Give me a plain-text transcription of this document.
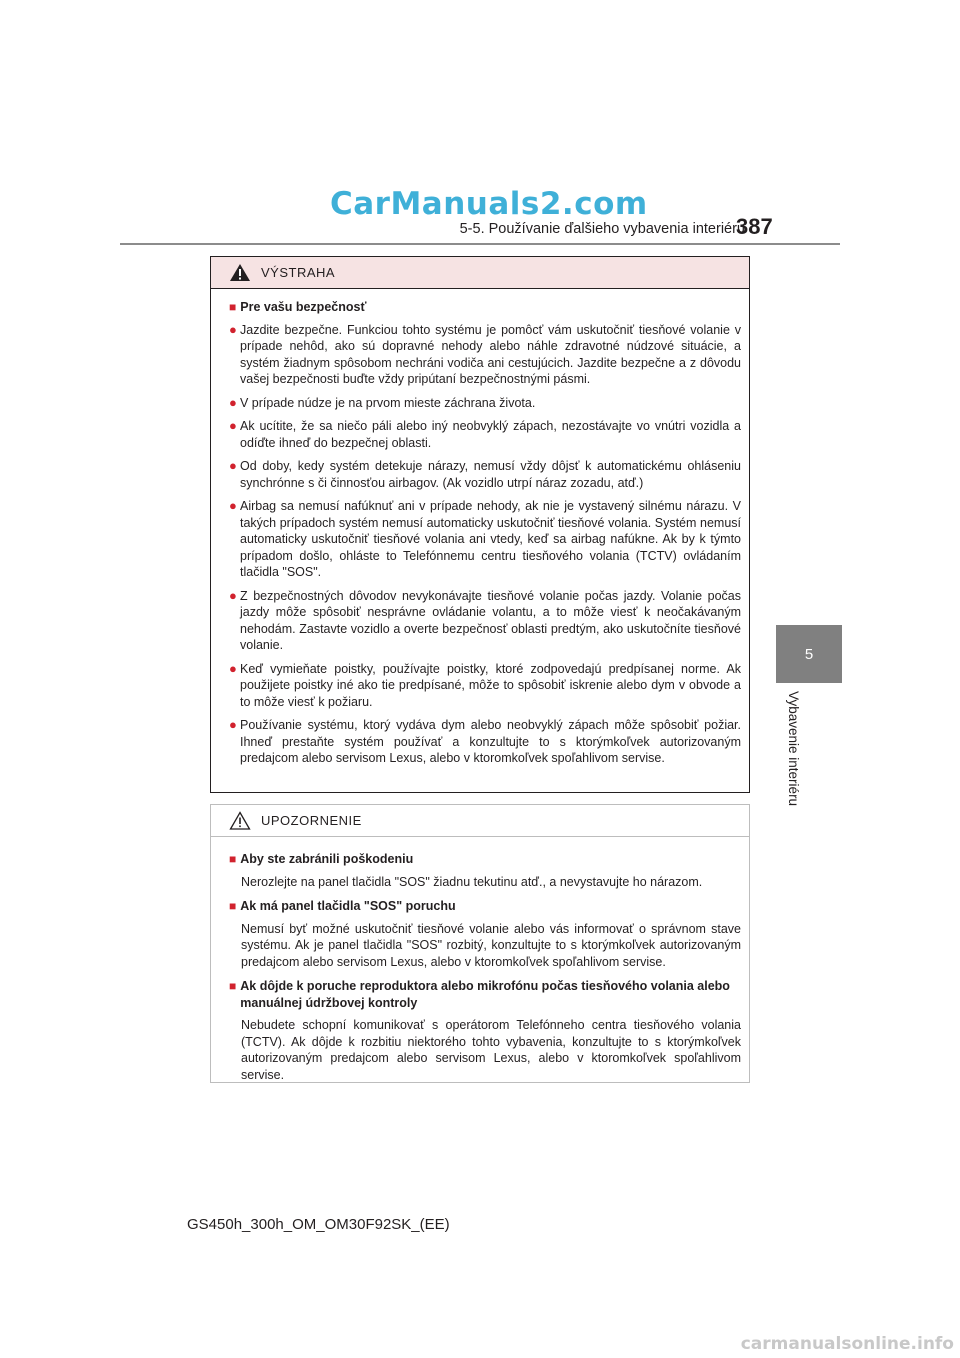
CarManuals2.com
5-5. Používanie ďalšieho vybavenia interiéru
387
5
Vybavenie interiéru
VÝSTRAHA
■ Pre vašu bezpečnosť
● Jazdite bezpečne. Funkciou tohto systému je pomôcť vám uskutočniť tiesňové volanie v prípade nehôd, ako sú dopravné nehody alebo náhle zdravotné núdzové situácie, a systém žiadnym spôsobom nechráni vodiča ani cestujúcich. Jazdite bezpečne a z dôvodu vašej bezpečnosti buďte vždy pripútaní bezpečnostnými pásmi.
● V prípade núdze je na prvom mieste záchrana života.
● Ak ucítite, že sa niečo páli alebo iný neobvyklý zápach, nezostávajte vo vnútri vozidla a odíďte ihneď do bezpečnej oblasti.
● Od doby, kedy systém detekuje nárazy, nemusí vždy dôjsť k automatickému ohláseniu synchrónne s či činnosťou airbagov. (Ak vozidlo utrpí náraz zozadu, atď.)
● Airbag sa nemusí nafúknuť ani v prípade nehody, ak nie je vystavený silnému nárazu. V takých prípadoch systém nemusí automaticky uskutočniť tiesňové volania. Systém nemusí automaticky uskutočniť tiesňové volania ani vtedy, keď sa airbag nafúkne. Ak by k týmto prípadom došlo, ohláste to Telefónnemu centru tiesňového volania (TCTV) ovládaním tlačidla "SOS".
● Z bezpečnostných dôvodov nevykonávajte tiesňové volanie počas jazdy. Volanie počas jazdy môže spôsobiť nesprávne ovládanie volantu, a to môže viesť k neočakávaným nehodám. Zastavte vozidlo a overte bezpečnosť oblasti predtým, ako uskutočníte tiesňové volanie.
● Keď vymieňate poistky, používajte poistky, ktoré zodpovedajú predpísanej norme. Ak použijete poistky iné ako tie predpísané, môže to spôsobiť iskrenie alebo dym v obvode a to môže viesť k požiaru.
● Používanie systému, ktorý vydáva dym alebo neobvyklý zápach môže spôsobiť požiar. Ihneď prestaňte systém používať a konzultujte to s ktorýmkoľvek autorizovaným predajcom alebo servisom Lexus, alebo v ktoromkoľvek spoľahlivom servise.
UPOZORNENIE
■ Aby ste zabránili poškodeniu
Nerozlejte na panel tlačidla "SOS" žiadnu tekutinu atď., a nevystavujte ho nárazom.
■ Ak má panel tlačidla "SOS" poruchu
Nemusí byť možné uskutočniť tiesňové volanie alebo vás informovať o správnom stave systému. Ak je panel tlačidla "SOS" rozbitý, konzultujte to s ktorýmkoľvek autorizovaným predajcom alebo servisom Lexus, alebo v ktoromkoľvek spoľahlivom servise.
■ Ak dôjde k poruche reproduktora alebo mikrofónu počas tiesňového volania alebo manuálnej údržbovej kontroly
Nebudete schopní komunikovať s operátorom Telefónneho centra tiesňového volania (TCTV). Ak dôjde k rozbitiu niektorého tohto vybavenia, konzultujte to s ktorýmkoľvek autorizovaným predajcom alebo servisom Lexus, alebo v ktoromkoľvek spoľahlivom servise.
GS450h_300h_OM_OM30F92SK_(EE)
carmanualsonline.info
